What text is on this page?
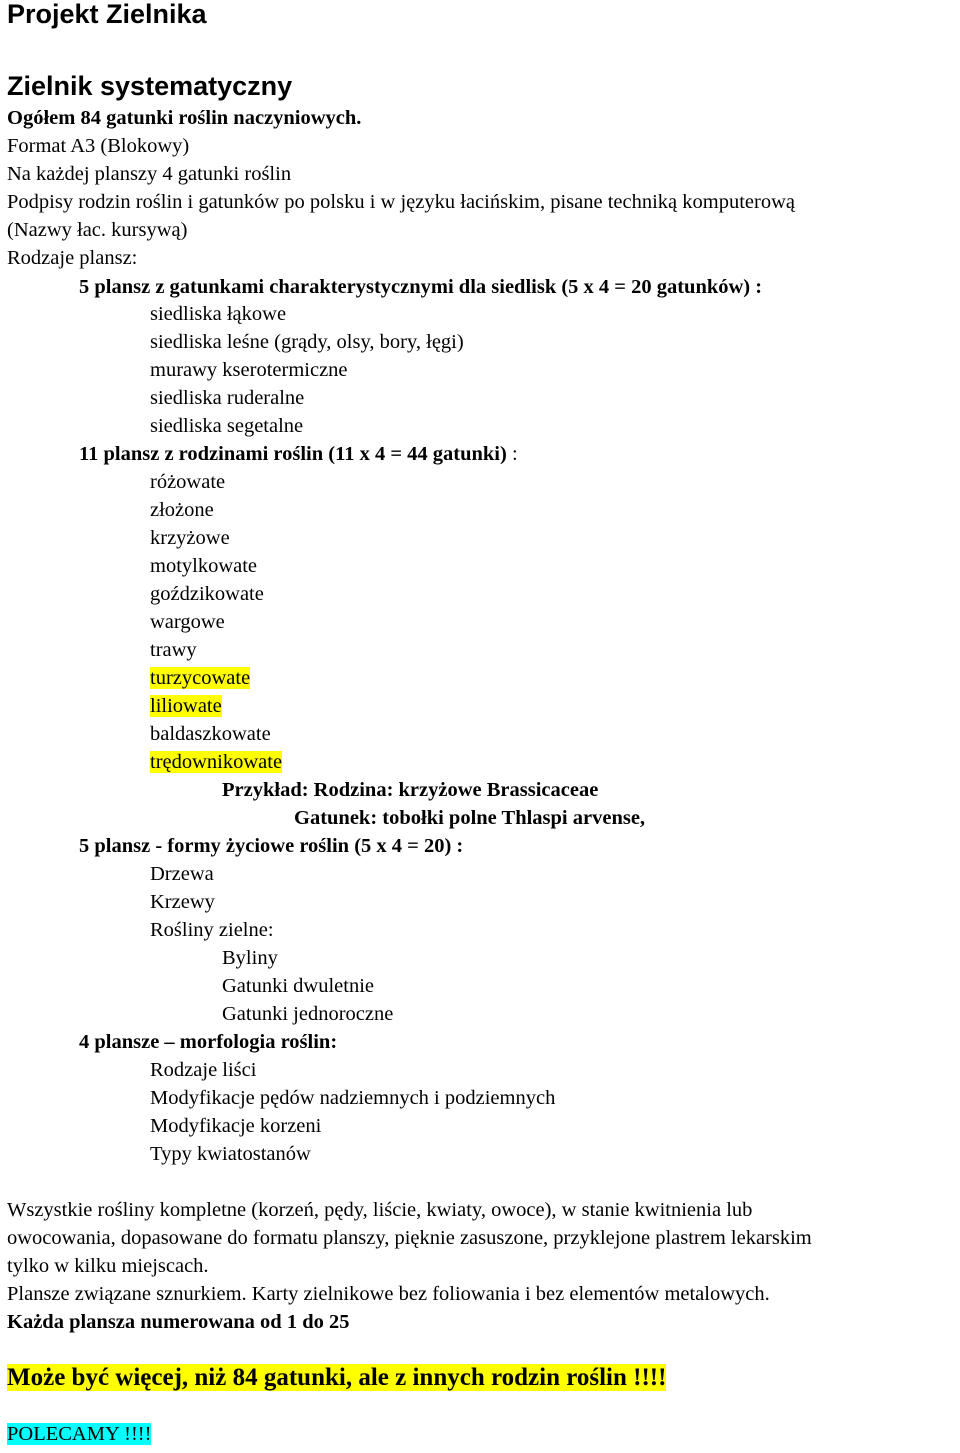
Projekt Zielnika
Zielnik systematyczny
Ogółem 84 gatunki roślin naczyniowych.
Format A3 (Blokowy)
Na każdej planszy 4 gatunki roślin
Podpisy rodzin roślin i gatunków po polsku i w języku łacińskim, pisane techniką komputerową
(Nazwy łac. kursywą)
Rodzaje plansz:
5 plansz z gatunkami charakterystycznymi dla siedlisk (5 x 4 = 20 gatunków) :
siedliska łąkowe
siedliska leśne (grądy, olsy, bory, łęgi)
murawy kserotermiczne
siedliska ruderalne
siedliska segetalne
11 plansz z rodzinami roślin (11 x 4 = 44 gatunki) :
różowate
złożone
krzyżowe
motylkowate
goździkowate
wargowe
trawy
turzycowate
liliowate
baldaszkowate
trędownikowate
Przykład: Rodzina: krzyżowe Brassicaceae
Gatunek: tobołki polne Thlaspi arvense,
5 plansz - formy życiowe roślin (5 x 4 = 20) :
Drzewa
Krzewy
Rośliny zielne:
Byliny
Gatunki dwuletnie
Gatunki jednoroczne
4 plansze – morfologia roślin:
Rodzaje liści
Modyfikacje pędów nadziemnych i podziemnych
Modyfikacje korzeni
Typy kwiatostanów
Wszystkie rośliny kompletne (korzeń, pędy, liście, kwiaty, owoce), w stanie kwitnienia lub
owocowania, dopasowane do formatu planszy, pięknie zasuszone, przyklejone plastrem lekarskim
tylko w kilku miejscach.
Plansze związane sznurkiem. Karty zielnikowe bez foliowania i bez elementów metalowych.
Każda plansza numerowana od 1 do 25
Może być więcej, niż 84 gatunki, ale z innych rodzin roślin !!!!
POLECAMY !!!!
